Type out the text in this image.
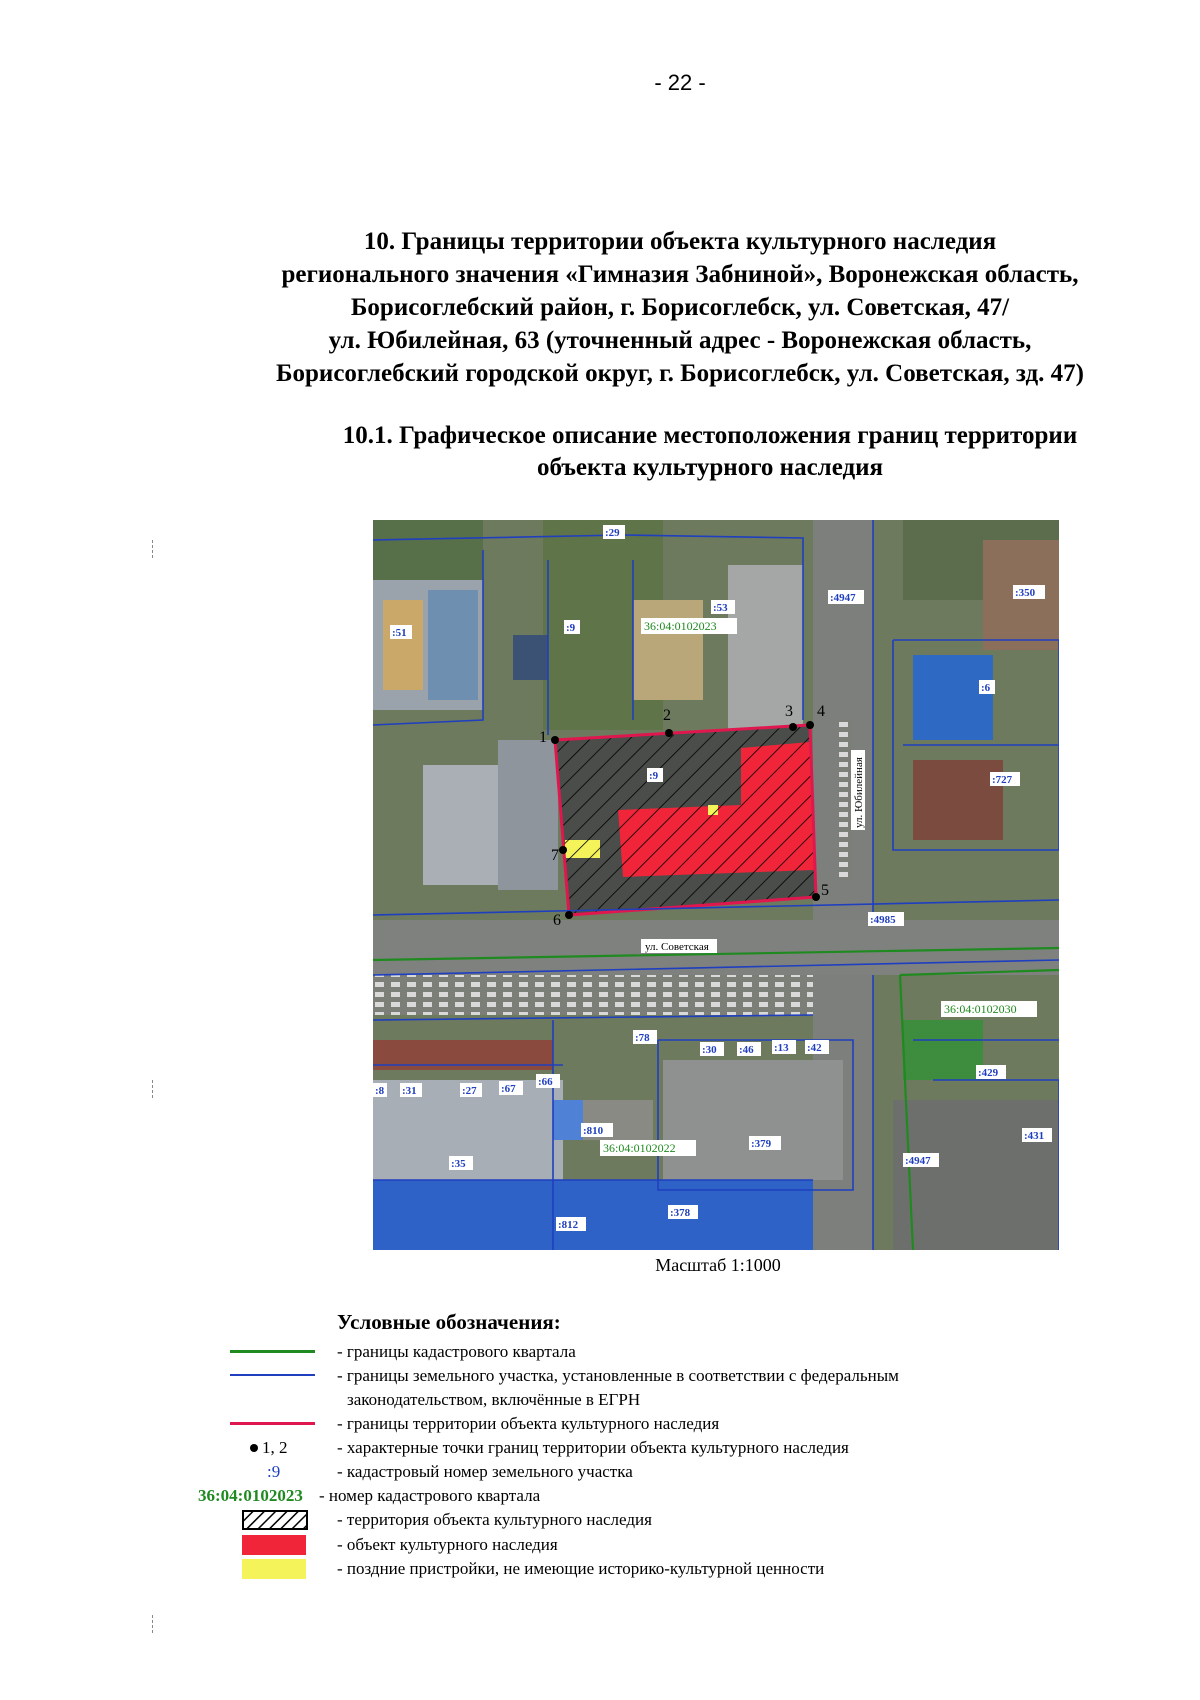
- 22 -
10. Границы территории объекта культурного наследия
регионального значения «Гимназия Забниной», Воронежская область,
Борисоглебский район, г. Борисоглебск, ул. Советская, 47/
ул. Юбилейная, 63 (уточненный адрес - Воронежская область,
Борисоглебский городской округ, г. Борисоглебск, ул. Советская, зд. 47)
10.1. Графическое описание местоположения границ территории
объекта культурного наследия
1
2	3 4
5
6
7
ул. Советская
ул. Юбилейная
36:04:0102023
36:04:0102030
36:04:0102022
:29
:9
:53
:51
:4947	:350
:6
:727
:9
:4985
:78
:30 :46 :13 :42
:429
:8 :31	:27 :67
:66
:810
:379
:431
:35	:4947
:812
:378
Масштаб 1:1000
Условные обозначения:
- границы кадастрового квартала
- границы земельного участка, установленные в соответствии с федеральным
законодательством, включённые в ЕГРН
- границы территории объекта культурного наследия
1, 2	- характерные точки границ территории объекта культурного наследия
:9	- кадастровый номер земельного участка
36:04:0102023 - номер кадастрового квартала
- территория объекта культурного наследия
- объект культурного наследия
- поздние пристройки, не имеющие историко-культурной ценности
